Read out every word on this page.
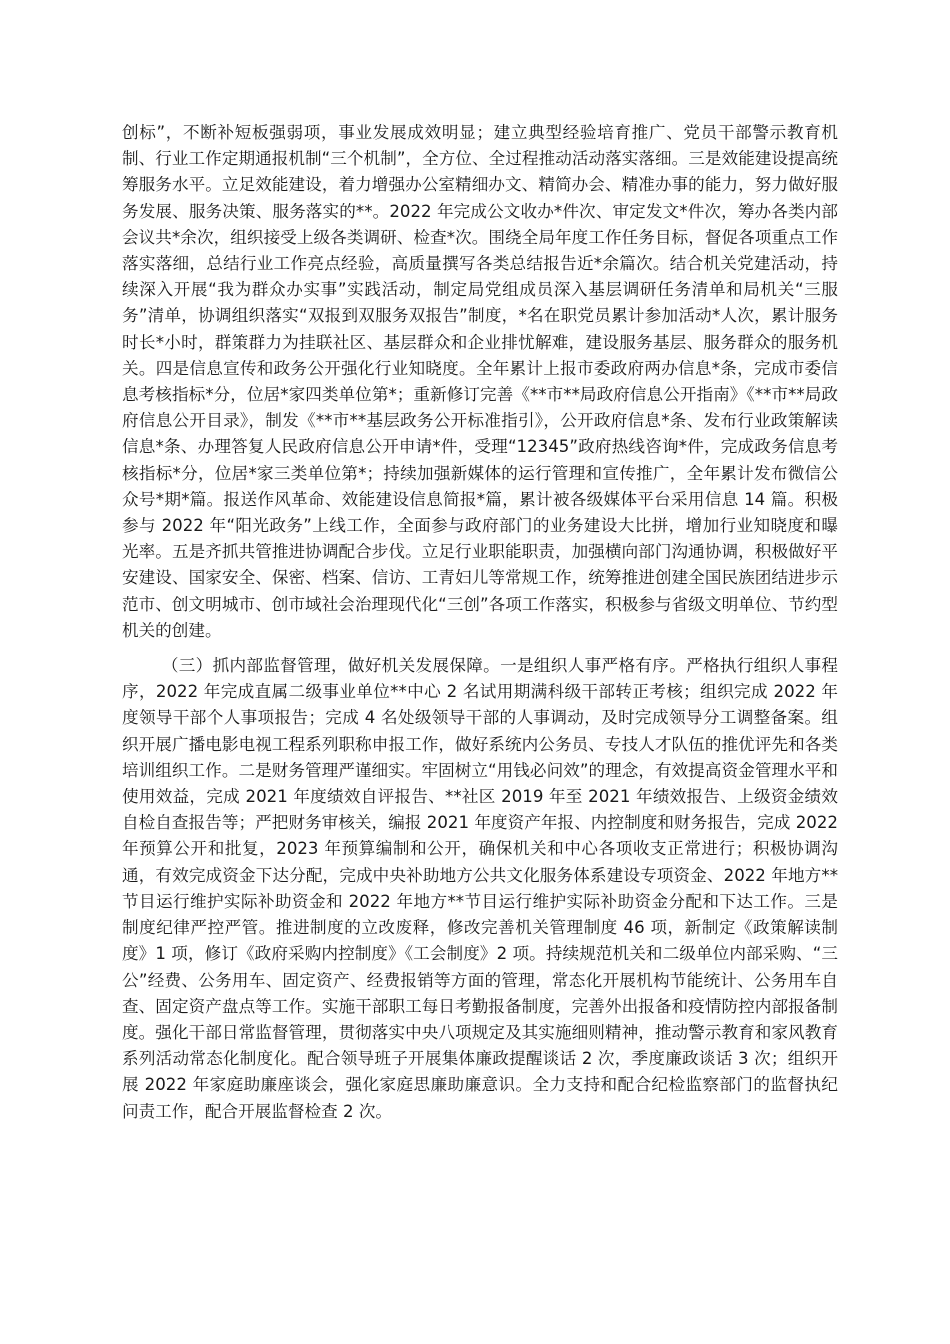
创标”，不断补短板强弱项，事业发展成效明显；建立典型经验培育推广、党员干部警示教育机制、行业工作定期通报机制“三个机制”，全方位、全过程推动活动落实落细。三是效能建设提高统筹服务水平。立足效能建设，着力增强办公室精细办文、精简办会、精准办事的能力，努力做好服务发展、服务决策、服务落实的**。2022 年完成公文收办*件次、审定发文*件次，筹办各类内部会议共*余次，组织接受上级各类调研、检查*次。围绕全局年度工作任务目标，督促各项重点工作落实落细，总结行业工作亮点经验，高质量撰写各类总结报告近*余篇次。结合机关党建活动，持续深入开展“我为群众办实事”实践活动，制定局党组成员深入基层调研任务清单和局机关“三服务”清单，协调组织落实“双报到双服务双报告”制度，*名在职党员累计参加活动*人次，累计服务时长*小时，群策群力为挂联社区、基层群众和企业排忧解难，建设服务基层、服务群众的服务机关。四是信息宣传和政务公开强化行业知晓度。全年累计上报市委政府两办信息*条，完成市委信息考核指标*分，位居*家四类单位第*；重新修订完善《**市**局政府信息公开指南》《**市**局政府信息公开目录》，制发《**市**基层政务公开标准指引》，公开政府信息*条、发布行业政策解读信息*条、办理答复人民政府信息公开申请*件，受理“12345”政府热线咨询*件，完成政务信息考核指标*分，位居*家三类单位第*；持续加强新媒体的运行管理和宣传推广，全年累计发布微信公众号*期*篇。报送作风革命、效能建设信息简报*篇，累计被各级媒体平台采用信息 14 篇。积极参与 2022 年“阳光政务”上线工作，全面参与政府部门的业务建设大比拼，增加行业知晓度和曝光率。五是齐抓共管推进协调配合步伐。立足行业职能职责，加强横向部门沟通协调，积极做好平安建设、国家安全、保密、档案、信访、工青妇儿等常规工作，统筹推进创建全国民族团结进步示范市、创文明城市、创市域社会治理现代化“三创”各项工作落实，积极参与省级文明单位、节约型机关的创建。

（三）抓内部监督管理，做好机关发展保障。一是组织人事严格有序。严格执行组织人事程序，2022 年完成直属二级事业单位**中心 2 名试用期满科级干部转正考核；组织完成 2022 年度领导干部个人事项报告；完成 4 名处级领导干部的人事调动，及时完成领导分工调整备案。组织开展广播电影电视工程系列职称申报工作，做好系统内公务员、专技人才队伍的推优评先和各类培训组织工作。二是财务管理严谨细实。牢固树立“用钱必问效”的理念，有效提高资金管理水平和使用效益，完成 2021 年度绩效自评报告、**社区 2019 年至 2021 年绩效报告、上级资金绩效自检自查报告等；严把财务审核关，编报 2021 年度资产年报、内控制度和财务报告，完成 2022 年预算公开和批复，2023 年预算编制和公开，确保机关和中心各项收支正常进行；积极协调沟通，有效完成资金下达分配，完成中央补助地方公共文化服务体系建设专项资金、2022 年地方**节目运行维护实际补助资金和 2022 年地方**节目运行维护实际补助资金分配和下达工作。三是制度纪律严控严管。推进制度的立改废释，修改完善机关管理制度 46 项，新制定《政策解读制度》1 项，修订《政府采购内控制度》《工会制度》2 项。持续规范机关和二级单位内部采购、“三公”经费、公务用车、固定资产、经费报销等方面的管理，常态化开展机构节能统计、公务用车自查、固定资产盘点等工作。实施干部职工每日考勤报备制度，完善外出报备和疫情防控内部报备制度。强化干部日常监督管理，贯彻落实中央八项规定及其实施细则精神，推动警示教育和家风教育系列活动常态化制度化。配合领导班子开展集体廉政提醒谈话 2 次，季度廉政谈话 3 次；组织开展 2022 年家庭助廉座谈会，强化家庭思廉助廉意识。全力支持和配合纪检监察部门的监督执纪问责工作，配合开展监督检查 2 次。
